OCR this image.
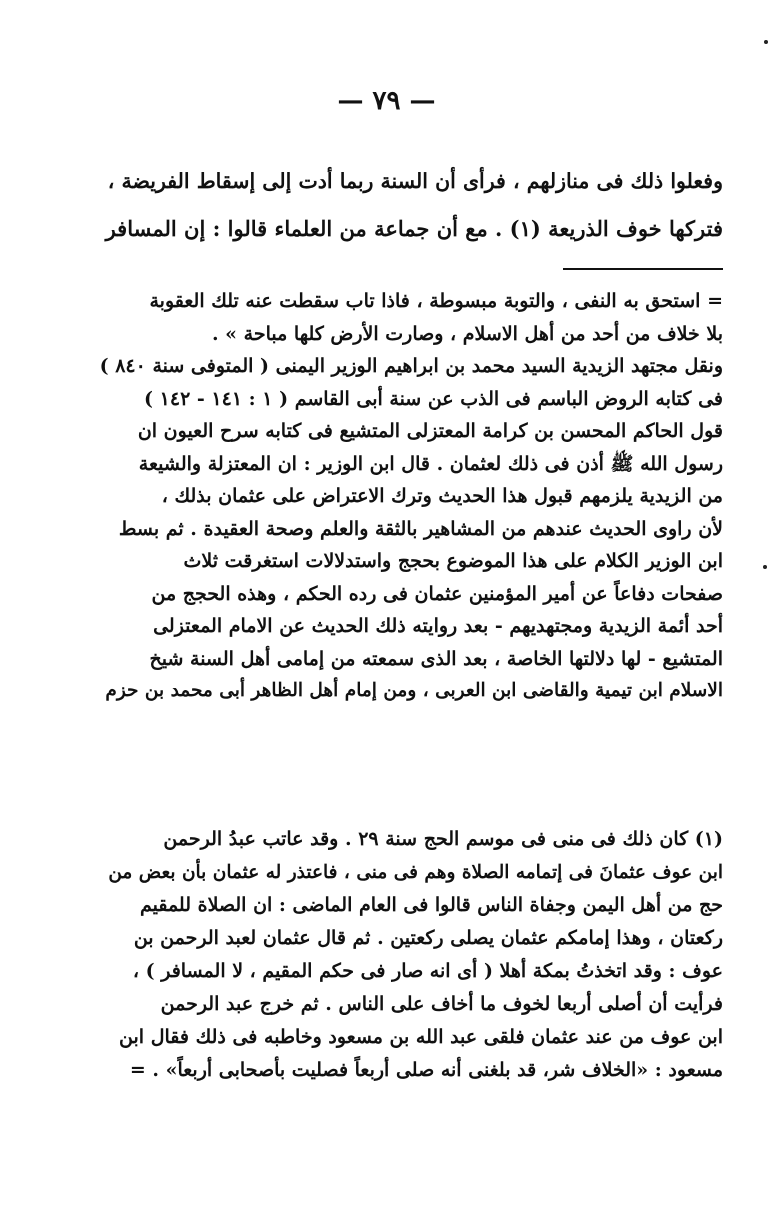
— ٧٩ —

وفعلوا ذلك فى منازلهم ، فرأى أن السنة ربما أدت إلى إسقاط الفريضة ،

فتركها خوف الذريعة (١) . مع أن جماعة من العلماء قالوا : إن المسافر

= استحق به النفى ، والتوبة مبسوطة ، فاذا تاب سقطت عنه تلك العقوبة

بلا خلاف من أحد من أهل الاسلام ، وصارت الأرض كلها مباحة » .

ونقل مجتهد الزيدية السيد محمد بن ابراهيم الوزير اليمنى ( المتوفى سنة ٨٤٠ )

فى كتابه الروض الباسم فى الذب عن سنة أبى القاسم ( ١ : ١٤١ - ١٤٢ )

قول الحاكم المحسن بن كرامة المعتزلى المتشيع فى كتابه سرح العيون ان

رسول الله ﷺ أذن فى ذلك لعثمان . قال ابن الوزير : ان المعتزلة والشيعة

من الزيدية يلزمهم قبول هذا الحديث وترك الاعتراض على عثمان بذلك ،

لأن راوى الحديث عندهم من المشاهير بالثقة والعلم وصحة العقيدة . ثم بسط

ابن الوزير الكلام على هذا الموضوع بحجج واستدلالات استغرقت ثلاث

صفحات دفاعاً عن أمير المؤمنين عثمان فى رده الحكم ، وهذه الحجج من

أحد أئمة الزيدية ومجتهديهم - بعد روايته ذلك الحديث عن الامام المعتزلى

المتشيع - لها دلالتها الخاصة ، بعد الذى سمعته من إمامى أهل السنة شيخ

الاسلام ابن تيمية والقاضى ابن العربى ، ومن إمام أهل الظاهر أبى محمد بن حزم

(١) كان ذلك فى منى فى موسم الحج سنة ٢٩ . وقد عاتب عبدُ الرحمن

ابن عوف عثمانَ فى إتمامه الصلاة وهم فى منى ، فاعتذر له عثمان بأن بعض من

حج من أهل اليمن وجفاة الناس قالوا فى العام الماضى : ان الصلاة للمقيم

ركعتان ، وهذا إمامكم عثمان يصلى ركعتين . ثم قال عثمان لعبد الرحمن بن

عوف : وقد اتخذتُ بمكة أهلا ( أى انه صار فى حكم المقيم ، لا المسافر ) ،

فرأيت أن أصلى أربعا لخوف ما أخاف على الناس . ثم خرج عبد الرحمن

ابن عوف من عند عثمان فلقى عبد الله بن مسعود وخاطبه فى ذلك فقال ابن

مسعود : «الخلاف شر، قد بلغنى أنه صلى أربعاً فصليت بأصحابى أربعاً» . =
